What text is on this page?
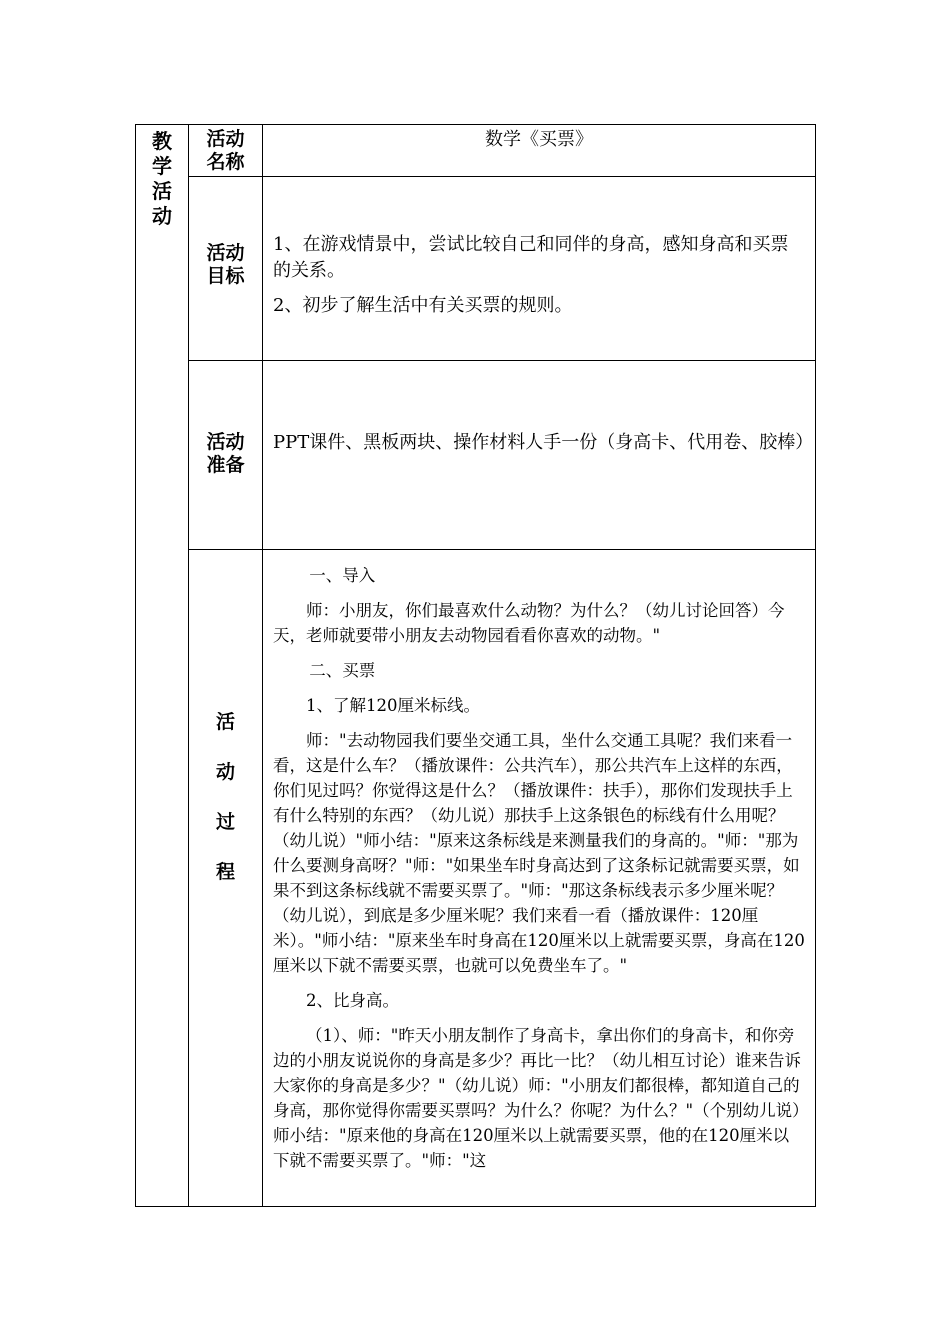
教
学
活
动
活动
名称
数学《买票》
活动
目标

1、在游戏情景中，尝试比较自己和同伴的身高，感知身高和买票的关系。

2、初步了解生活中有关买票的规则。

活动
准备

PPT课件、黑板两块、操作材料人手一份（身高卡、代用卷、胶棒）

活
动
过
程

一、导入

师：小朋友，你们最喜欢什么动物？为什么？（幼儿讨论回答）今天，老师就要带小朋友去动物园看看你喜欢的动物。"

二、买票

1、了解120厘米标线。

师："去动物园我们要坐交通工具，坐什么交通工具呢？我们来看一看，这是什么车？（播放课件：公共汽车），那公共汽车上这样的东西，你们见过吗？你觉得这是什么？（播放课件：扶手），那你们发现扶手上有什么特别的东西？（幼儿说）那扶手上这条银色的标线有什么用呢？（幼儿说）"师小结："原来这条标线是来测量我们的身高的。"师："那为什么要测身高呀？"师："如果坐车时身高达到了这条标记就需要买票，如果不到这条标线就不需要买票了。"师："那这条标线表示多少厘米呢？（幼儿说），到底是多少厘米呢？我们来看一看（播放课件：120厘米）。"师小结："原来坐车时身高在120厘米以上就需要买票，身高在120厘米以下就不需要买票，也就可以免费坐车了。"

2、比身高。

（1）、师："昨天小朋友制作了身高卡，拿出你们的身高卡，和你旁边的小朋友说说你的身高是多少？再比一比？（幼儿相互讨论）谁来告诉大家你的身高是多少？"（幼儿说）师："小朋友们都很棒，都知道自己的身高，那你觉得你需要买票吗？为什么？你呢？为什么？"（个别幼儿说）师小结："原来他的身高在120厘米以上就需要买票，他的在120厘米以下就不需要买票了。"师："这
